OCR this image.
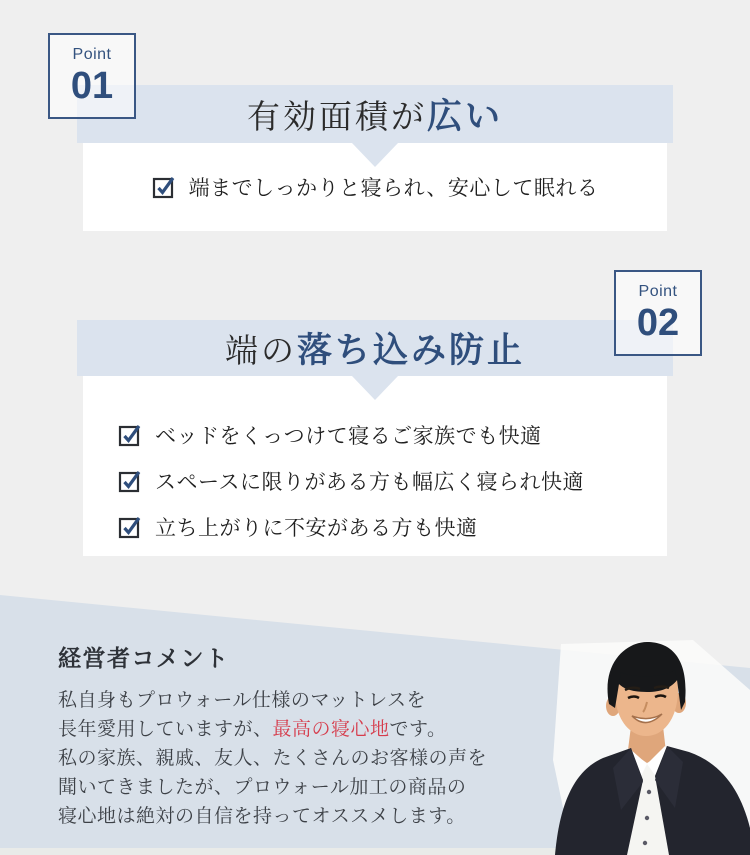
Point
01
有効面積が 広い
端までしっかりと寝られ、安心して眠れる
Point
02
端の 落ち込み防止
ベッドをくっつけて寝るご家族でも快適
スペースに限りがある方も幅広く寝られ快適
立ち上がりに不安がある方も快適
経営者コメント

私自身もプロウォール仕様のマットレスを
長年愛用していますが、最高の寝心地です。
私の家族、親戚、友人、たくさんのお客様の声を
聞いてきましたが、プロウォール加工の商品の
寝心地は絶対の自信を持ってオススメします。
